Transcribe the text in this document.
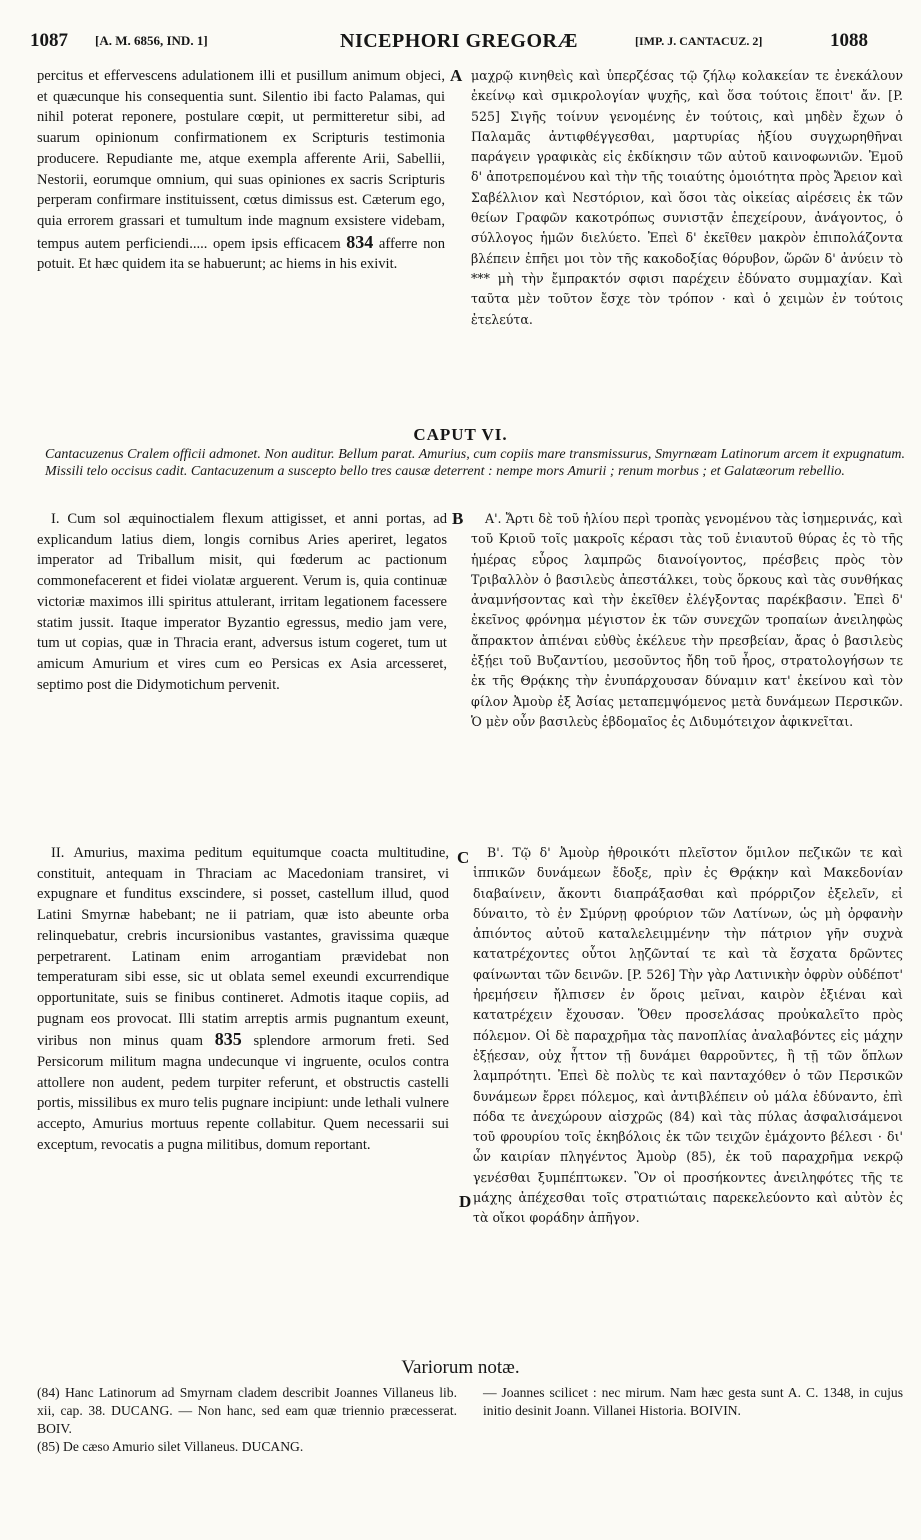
1087 [A. M. 6856, IND. 1]	NICEPHORI GREGORÆ	[IMP. J. CANTACUZ. 2]	1088

percitus et effervescens adulationem illi et pusillum animum objeci, et quæcunque his consequentia sunt. Silentio ibi facto Palamas, qui nihil poterat reponere, postulare cœpit, ut permitteretur sibi, ad suarum opinionum confirmationem ex Scripturis testimonia producere. Repudiante me, atque exempla afferente Arii, Sabellii, Nestorii, eorumque omnium, qui suas opiniones ex sacris Scripturis perperam confirmare instituissent, cœtus dimissus est. Cæterum ego, quia errorem grassari et tumultum inde magnum exsistere videbam, tempus autem perficiendi..... opem ipsis efficacem 834 afferre non potuit. Et hæc quidem ita se habuerunt; ac hiems in his exivit.

A μαχρῷ κινηθεὶς καὶ ὑπερζέσας τῷ ζήλῳ κολακείαν τε ἐνεκάλουν ἐκείνῳ καὶ σμικρολογίαν ψυχῆς, καὶ ὅσα τούτοις ἕποιτ' ἄν. [P. 525] Σιγῆς τοίνυν γενομένης ἐν τούτοις, καὶ μηδὲν ἔχων ὁ Παλαμᾶς ἀντιφθέγγεσθαι, μαρτυρίας ἠξίου συγχωρηθῆναι παράγειν γραφικὰς εἰς ἐκδίκησιν τῶν αὐτοῦ καινοφωνιῶν. Ἐμοῦ δ' ἀποτρεπομένου καὶ τὴν τῆς τοιαύτης ὁμοιότητα πρὸς Ἄρειον καὶ Σαβέλλιον καὶ Νεστόριον, καὶ ὅσοι τὰς οἰκείας αἱρέσεις ἐκ τῶν θείων Γραφῶν κακοτρόπως συνιστᾷν ἐπεχείρουν, ἀνάγοντος, ὁ σύλλογος ἡμῶν διελύετο. Ἐπεὶ δ' ἐκεῖθεν μακρὸν ἐπιπολάζοντα βλέπειν ἐπῆει μοι τὸν τῆς κακοδοξίας θόρυβον, ὥρῶν δ' ἀνύειν τὸ *** μὴ τὴν ἔμπρακτόν σφισι παρέχειν ἐδύνατο συμμαχίαν. Καὶ ταῦτα μὲν τοῦτον ἔσχε τὸν τρόπον · καὶ ὁ χειμὼν ἐν τούτοις ἐτελεύτα.

CAPUT VI.
Cantacuzenus Cralem officii admonet. Non auditur. Bellum parat. Amurius, cum copiis mare transmissurus, Smyrnæam Latinorum arcem it expugnatum. Missili telo occisus cadit. Cantacuzenum a suscepto bello tres causæ deterrent : nempe mors Amurii ; renum morbus ; et Galatæorum rebellio.

I. Cum sol æquinoctialem flexum attigisset, et anni portas, ad explicandum latius diem, longis cornibus Aries aperiret, legatos imperator ad Triballum misit, qui fœderum ac pactionum commonefacerent et fidei violatæ arguerent. Verum is, quia continuæ victoriæ maximos illi spiritus attulerant, irritam legationem facessere statim jussit. Itaque imperator Byzantio egressus, medio jam vere, tum ut copias, quæ in Thracia erant, adversus istum cogeret, tum ut amicum Amurium et vires cum eo Persicas ex Asia arcesseret, septimo post die Didymotichum pervenit.

B	Α'. Ἄρτι δὲ τοῦ ἡλίου περὶ τροπὰς γενομένου τὰς ἰσημερινάς, καὶ τοῦ Κριοῦ τοῖς μακροῖς κέρασι τὰς τοῦ ἐνιαυτοῦ θύρας ἐς τὸ τῆς ἡμέρας εὖρος λαμπρῶς διανοίγοντος, πρέσβεις πρὸς τὸν Τριβαλλὸν ὁ βασιλεὺς ἀπεστάλκει, τοὺς ὅρκους καὶ τὰς συνθήκας ἀναμνήσοντας καὶ τὴν ἐκεῖθεν ἐλέγξοντας παρέκβασιν. Ἐπεὶ δ' ἐκεῖνος φρόνημα μέγιστον ἐκ τῶν συνεχῶν τροπαίων ἀνειληφὼς ἄπρακτον ἀπιέναι εὐθὺς ἐκέλευε τὴν πρεσβείαν, ἄρας ὁ βασιλεὺς ἐξῄει τοῦ Βυζαντίου, μεσοῦντος ἤδη τοῦ ἦρος, στρατολογήσων τε ἐκ τῆς Θρᾴκης τὴν ἐνυπάρχουσαν δύναμιν κατ' ἐκείνου καὶ τὸν φίλον Ἀμοὺρ ἐξ Ἀσίας μεταπεμψόμενος μετὰ δυνάμεων Περσικῶν. Ὁ μὲν οὖν βασιλεὺς ἑβδομαῖος ἐς Διδυμότειχον ἀφικνεῖται.

II. Amurius, maxima peditum equitumque coacta multitudine, constituit, antequam in Thraciam ac Macedoniam transiret, vi expugnare et funditus exscindere, si posset, castellum illud, quod Latini Smyrnæ habebant; ne ii patriam, quæ isto abeunte orba relinquebatur, crebris incursionibus vastantes, gravissima quæque perpetrarent. Latinam enim arrogantiam prævidebat non temperaturam sibi esse, sic ut oblata semel exeundi excurrendique opportunitate, suis se finibus contineret. Admotis itaque copiis, ad pugnam eos provocat. Illi statim arreptis armis pugnantum exeunt, viribus non minus quam 835 splendore armorum freti. Sed Persicorum militum magna undecunque vi ingruente, oculos contra attollere non audent, pedem turpiter referunt, et obstructis castelli portis, missilibus ex muro telis pugnare incipiunt: unde lethali vulnere accepto, Amurius mortuus repente collabitur. Quem necessarii sui exceptum, revocatis a pugna militibus, domum reportant.

C
D

Β'. Τῷ δ' Ἀμοὺρ ἠθροικότι πλεῖστον ὅμιλον πεζικῶν τε καὶ ἱππικῶν δυνάμεων ἔδοξε, πρὶν ἐς Θρᾴκην καὶ Μακεδονίαν διαβαίνειν, ἄκοντι διαπράξασθαι καὶ πρόρριζον ἐξελεῖν, εἰ δύναιτο, τὸ ἐν Σμύρνῃ φρούριον τῶν Λατίνων, ὡς μὴ ὀρφανὴν ἀπιόντος αὐτοῦ καταλελειμμένην τὴν πάτριον γῆν συχνὰ κατατρέχοντες οὗτοι λῃζῶνταί τε καὶ τὰ ἔσχατα δρῶντες φαίνωνται τῶν δεινῶν. [P. 526] Τὴν γὰρ Λατινικὴν ὀφρὺν οὐδέποτ' ἠρεμήσειν ἤλπισεν ἐν ὅροις μεῖναι, καιρὸν ἐξιέναι καὶ κατατρέχειν ἔχουσαν. Ὅθεν προσελάσας προὐκαλεῖτο πρὸς πόλεμον. Οἱ δὲ παραχρῆμα τὰς πανοπλίας ἀναλαβόντες εἰς μάχην ἐξῄεσαν, οὐχ ἧττον τῇ δυνάμει θαρροῦντες, ἢ τῇ τῶν ὅπλων λαμπρότητι. Ἐπεὶ δὲ πολὺς τε καὶ πανταχόθεν ὁ τῶν Περσικῶν δυνάμεων ἔρρει πόλεμος, καὶ ἀντιβλέπειν οὐ μάλα ἐδύναντο, ἐπὶ πόδα τε ἀνεχώρουν αἰσχρῶς (84) καὶ τὰς πύλας ἀσφαλισάμενοι τοῦ φρουρίου τοῖς ἑκηβόλοις ἐκ τῶν τειχῶν ἐμάχοντο βέλεσι · δι' ὧν καιρίαν πληγέντος Ἀμοὺρ (85), ἐκ τοῦ παραχρῆμα νεκρῷ γενέσθαι ξυμπέπτωκεν. Ὃν οἱ προσήκοντες ἀνειληφότες τῆς τε μάχης ἀπέχεσθαι τοῖς στρατιώταις παρεκελεύοντο καὶ αὐτὸν ἐς τὰ οἴκοι φοράδην ἀπῆγον.

Variorum notæ.
(84) Hanc Latinorum ad Smyrnam cladem describit Joannes Villaneus lib. xii, cap. 38. DUCANG. — Non hanc, sed eam quæ triennio præcesserat. BOIV.
(85) De cæso Amurio silet Villaneus. DUCANG.
— Joannes scilicet : nec mirum. Nam hæc gesta sunt A. C. 1348, in cujus initio desinit Joann. Villanei Historia. BOIVIN.
